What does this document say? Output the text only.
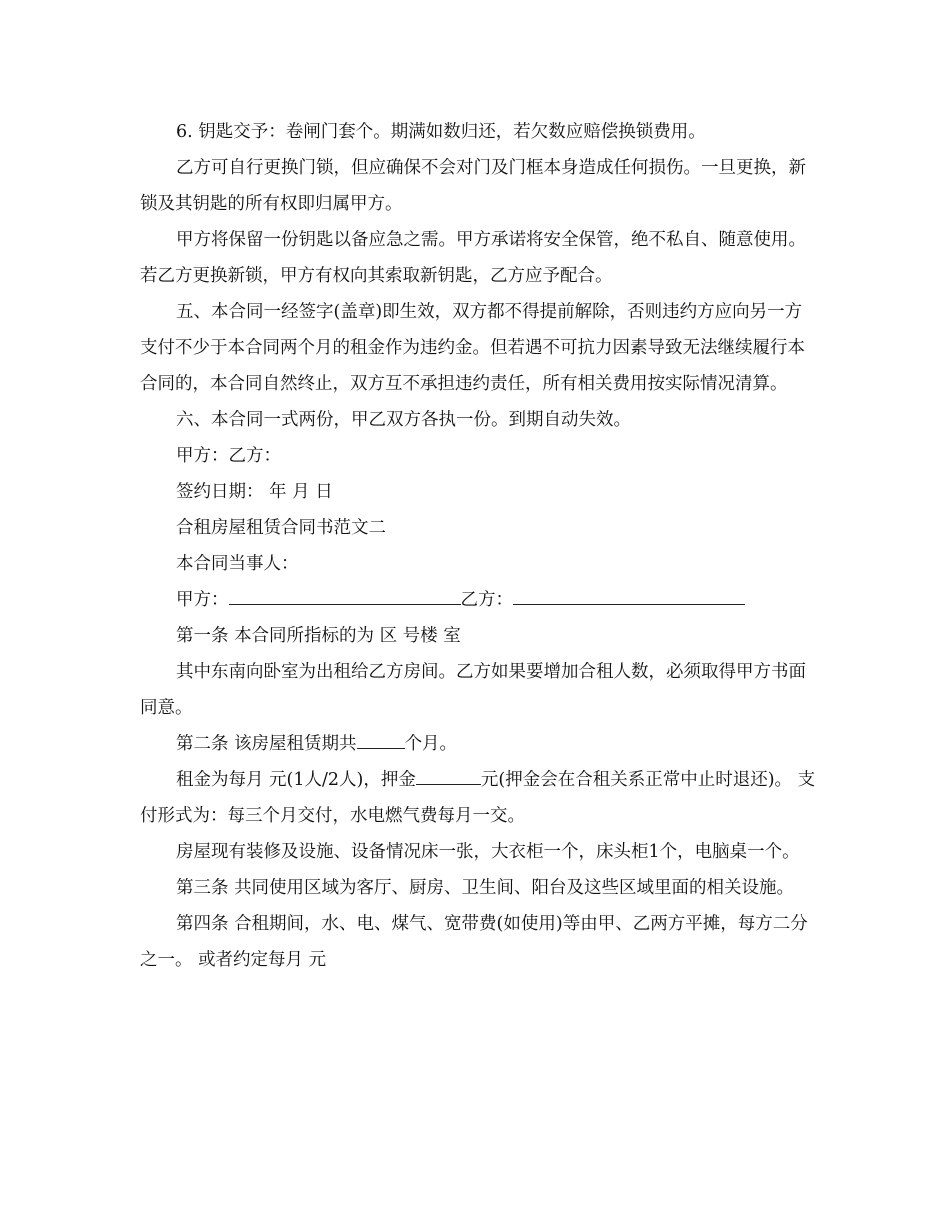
6. 钥匙交予：卷闸门套个。期满如数归还，若欠数应赔偿换锁费用。

乙方可自行更换门锁，但应确保不会对门及门框本身造成任何损伤。一旦更换，新锁及其钥匙的所有权即归属甲方。

甲方将保留一份钥匙以备应急之需。甲方承诺将安全保管，绝不私自、随意使用。若乙方更换新锁，甲方有权向其索取新钥匙，乙方应予配合。

五、本合同一经签字(盖章)即生效，双方都不得提前解除，否则违约方应向另一方支付不少于本合同两个月的租金作为违约金。但若遇不可抗力因素导致无法继续履行本合同的，本合同自然终止，双方互不承担违约责任，所有相关费用按实际情况清算。

六、本合同一式两份，甲乙双方各执一份。到期自动失效。

甲方：乙方：

签约日期： 年 月 日

合租房屋租赁合同书范文二

本合同当事人：

甲方：	乙方：

第一条 本合同所指标的为 区 号楼 室

其中东南向卧室为出租给乙方房间。乙方如果要增加合租人数，必须取得甲方书面同意。

第二条 该房屋租赁期共	个月。

租金为每月 元(1人/2人)，押金	元(押金会在合租关系正常中止时退还)。 支付形式为：每三个月交付，水电燃气费每月一交。

房屋现有装修及设施、设备情况床一张，大衣柜一个，床头柜1个，电脑桌一个。

第三条 共同使用区域为客厅、厨房、卫生间、阳台及这些区域里面的相关设施。

第四条 合租期间，水、电、煤气、宽带费(如使用)等由甲、乙两方平摊，每方二分之一。 或者约定每月 元
